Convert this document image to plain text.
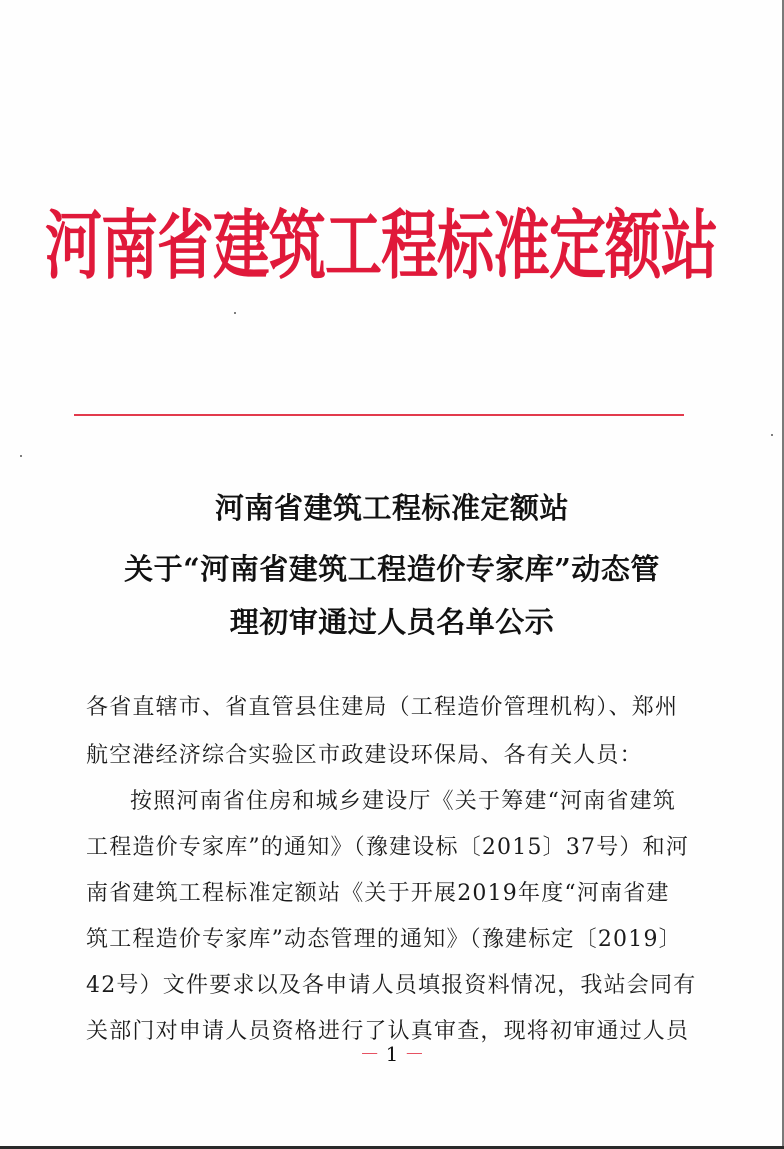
河南省建筑工程标准定额站
河南省建筑工程标准定额站
关于“河南省建筑工程造价专家库”动态管
理初审通过人员名单公示
各省直辖市、省直管县住建局（工程造价管理机构）、郑州
航空港经济综合实验区市政建设环保局、各有关人员：
按照河南省住房和城乡建设厅《关于筹建“河南省建筑
工程造价专家库”的通知》（豫建设标〔2015〕37号）和河
南省建筑工程标准定额站《关于开展2019年度“河南省建
筑工程造价专家库”动态管理的通知》（豫建标定〔2019〕
42号）文件要求以及各申请人员填报资料情况，我站会同有
关部门对申请人员资格进行了认真审查，现将初审通过人员
－ 1 －
